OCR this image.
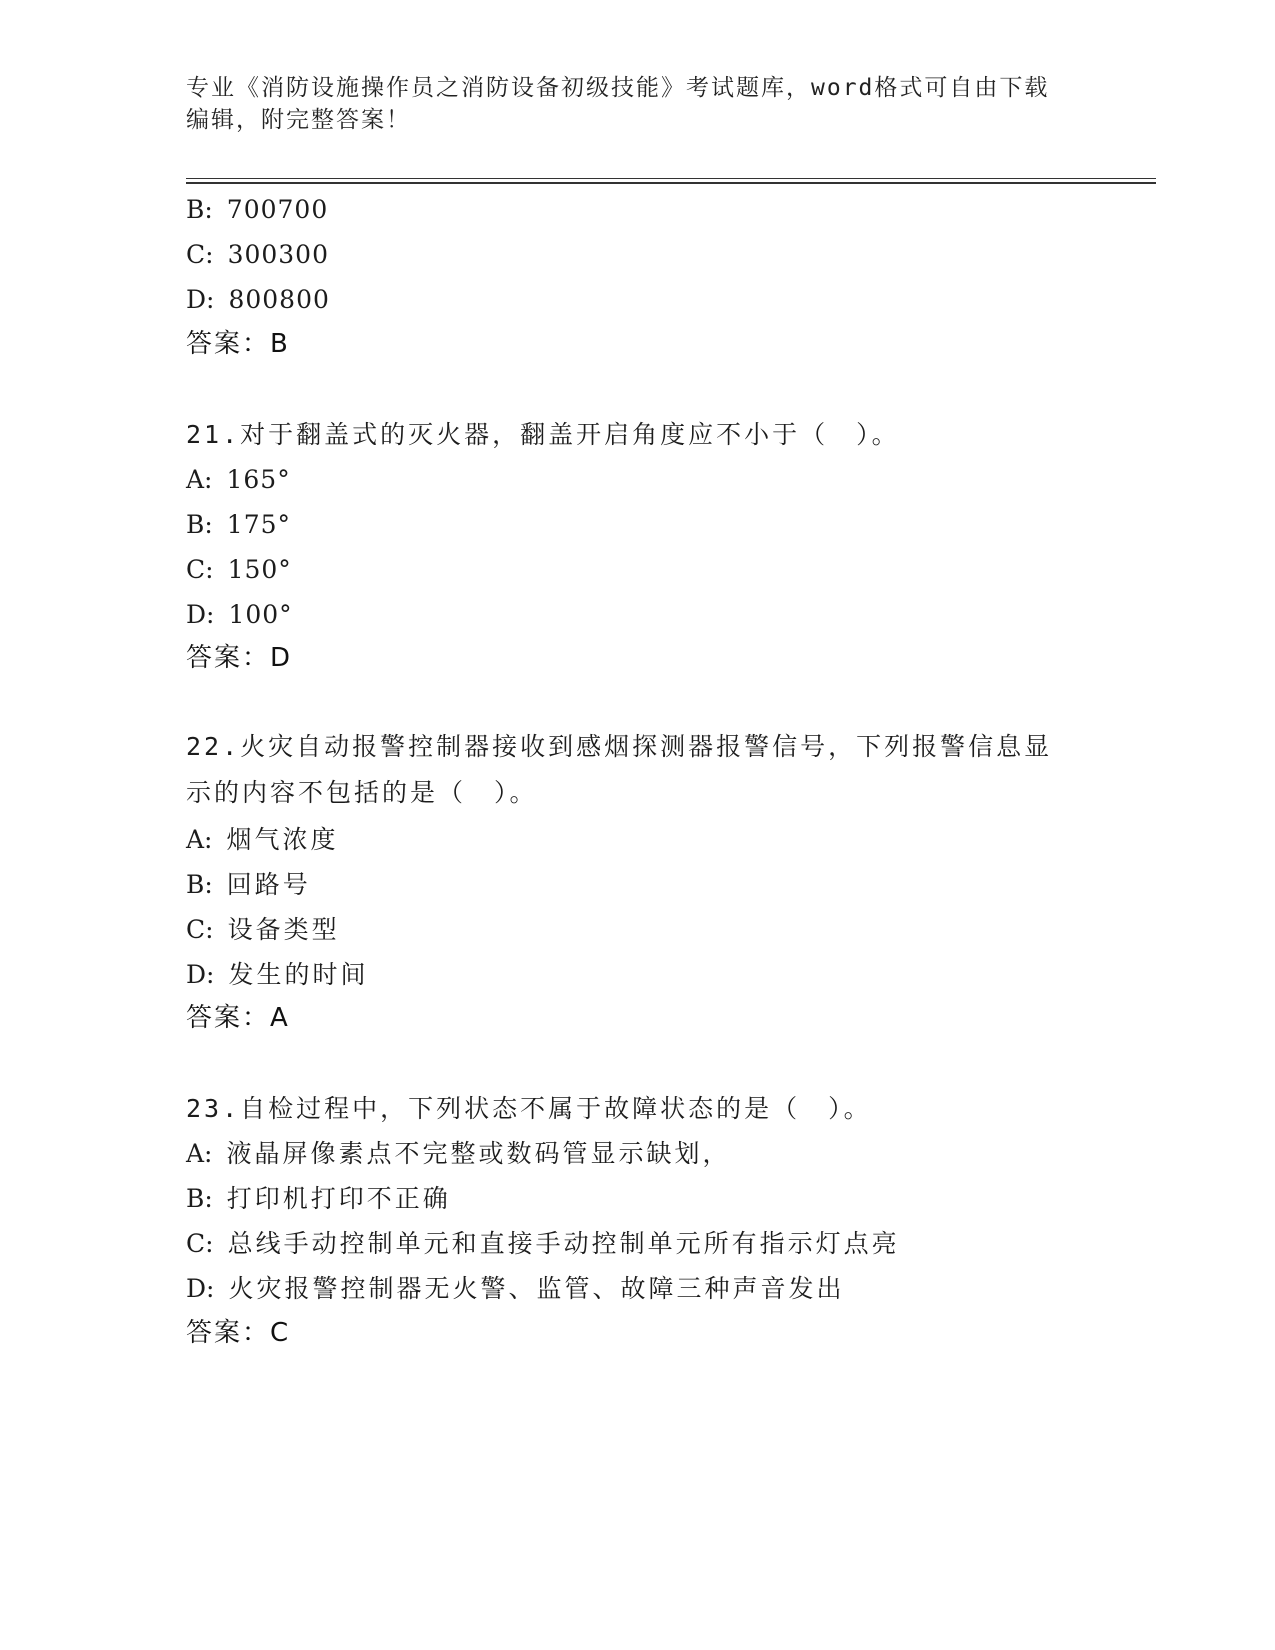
专业《消防设施操作员之消防设备初级技能》考试题库，word格式可自由下载编辑，附完整答案！
B: 700700
C: 300300
D: 800800
答案：B
21.对于翻盖式的灭火器，翻盖开启角度应不小于（　）。
A: 165°
B: 175°
C: 150°
D: 100°
答案：D
22.火灾自动报警控制器接收到感烟探测器报警信号，下列报警信息显示的内容不包括的是（　）。
A: 烟气浓度
B: 回路号
C: 设备类型
D: 发生的时间
答案：A
23.自检过程中，下列状态不属于故障状态的是（　）。
A: 液晶屏像素点不完整或数码管显示缺划，
B: 打印机打印不正确
C: 总线手动控制单元和直接手动控制单元所有指示灯点亮
D: 火灾报警控制器无火警、监管、故障三种声音发出
答案：C
